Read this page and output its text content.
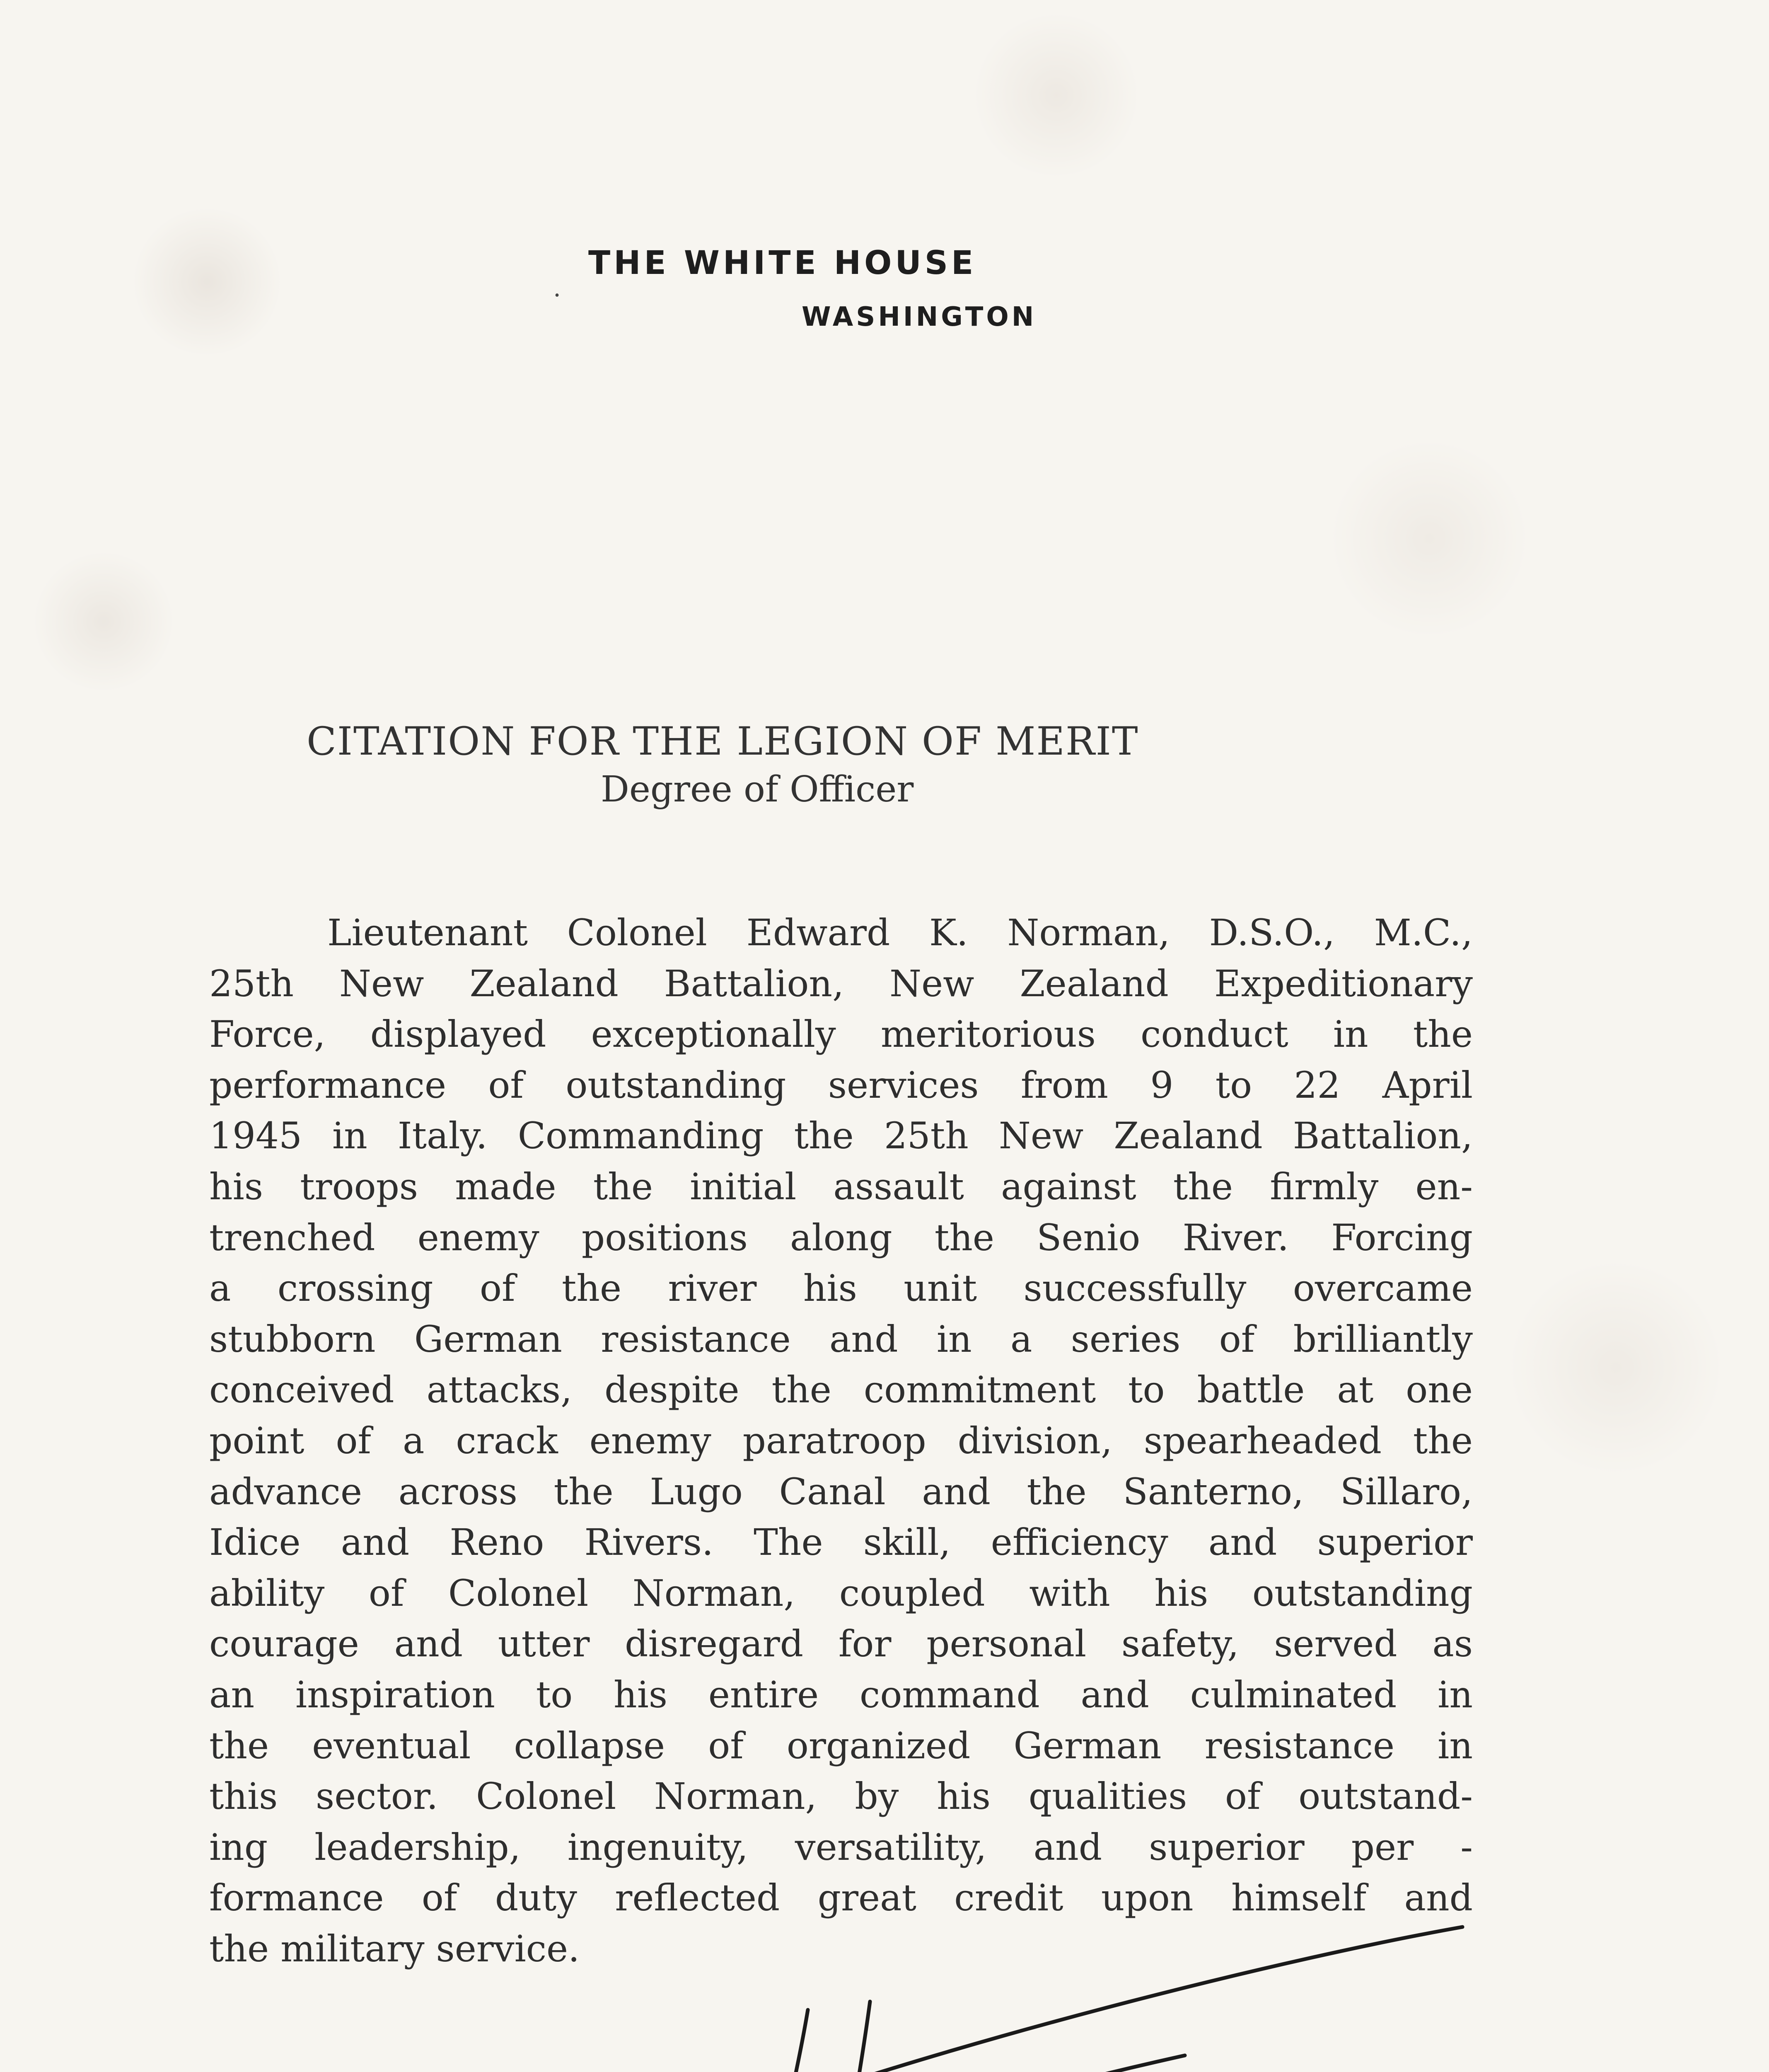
.
THE WHITE HOUSE
WASHINGTON
CITATION FOR THE LEGION OF MERIT
Degree of Officer
Lieutenant Colonel Edward K. Norman, D.S.O., M.C.,
25th New Zealand Battalion, New Zealand Expeditionary
Force, displayed exceptionally meritorious conduct in the
performance of outstanding services from 9 to 22 April
1945 in Italy. Commanding the 25th New Zealand Battalion,
his troops made the initial assault against the firmly en-
trenched enemy positions along the Senio River. Forcing
a crossing of the river his unit successfully overcame
stubborn German resistance and in a series of brilliantly
conceived attacks, despite the commitment to battle at one
point of a crack enemy paratroop division, spearheaded the
advance across the Lugo Canal and the Santerno, Sillaro,
Idice and Reno Rivers. The skill, efficiency and superior
ability of Colonel Norman, coupled with his outstanding
courage and utter disregard for personal safety, served as
an inspiration to his entire command and culminated in
the eventual collapse of organized German resistance in
this sector. Colonel Norman, by his qualities of outstand-
ing leadership, ingenuity, versatility, and superior per -
formance of duty reflected great credit upon himself and
the military service.
